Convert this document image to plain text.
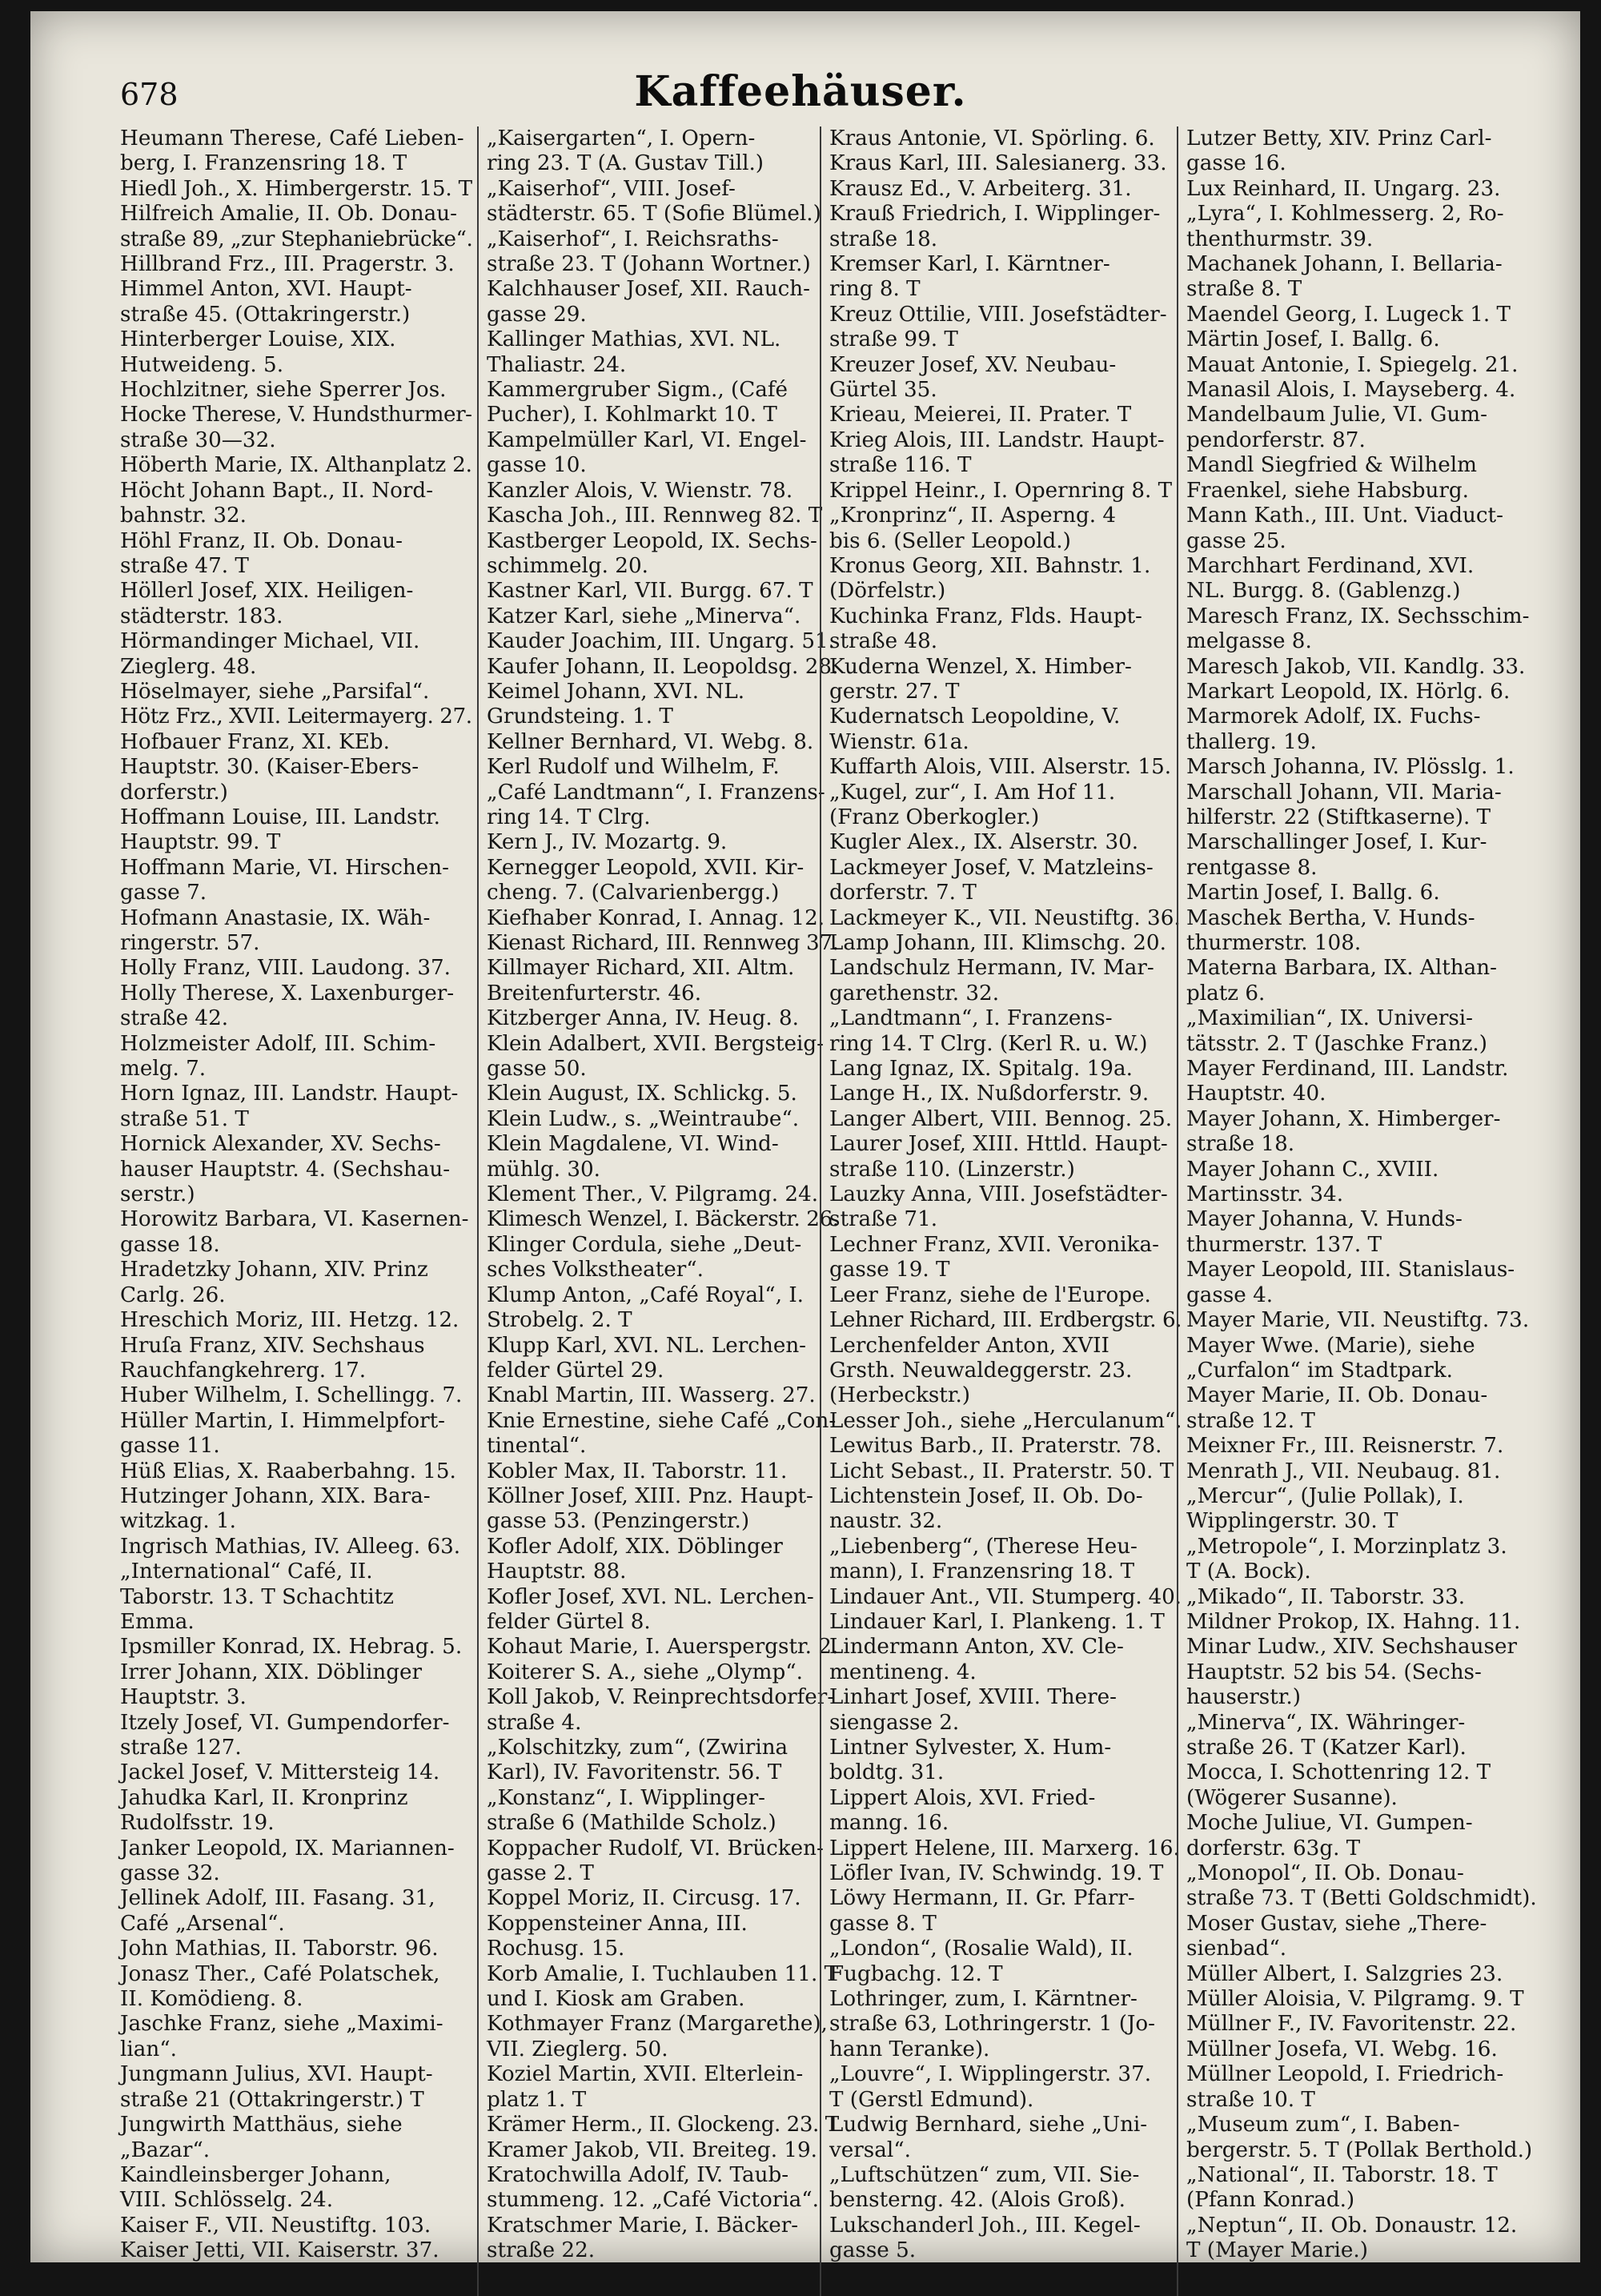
678	Kaffeehäuser.

Heumann Therese, Café Lieben-

berg, I. Franzensring 18. T

Hiedl Joh., X. Himbergerstr. 15. T

Hilfreich Amalie, II. Ob. Donau-

straße 89, „zur Stephaniebrücke“.

Hillbrand Frz., III. Pragerstr. 3.

Himmel Anton, XVI. Haupt-

straße 45. (Ottakringerstr.)

Hinterberger Louise, XIX.

Hutweideng. 5.

Hochlzitner, siehe Sperrer Jos.

Hocke Therese, V. Hundsthurmer-

straße 30—32.

Höberth Marie, IX. Althanplatz 2.

Höcht Johann Bapt., II. Nord-

bahnstr. 32.

Höhl Franz, II. Ob. Donau-

straße 47. T

Höllerl Josef, XIX. Heiligen-

städterstr. 183.

Hörmandinger Michael, VII.

Zieglerg. 48.

Höselmayer, siehe „Parsifal“.

Hötz Frz., XVII. Leitermayerg. 27.

Hofbauer Franz, XI. KEb.

Hauptstr. 30. (Kaiser-Ebers-

dorferstr.)

Hoffmann Louise, III. Landstr.

Hauptstr. 99. T

Hoffmann Marie, VI. Hirschen-

gasse 7.

Hofmann Anastasie, IX. Wäh-

ringerstr. 57.

Holly Franz, VIII. Laudong. 37.

Holly Therese, X. Laxenburger-

straße 42.

Holzmeister Adolf, III. Schim-

melg. 7.

Horn Ignaz, III. Landstr. Haupt-

straße 51. T

Hornick Alexander, XV. Sechs-

hauser Hauptstr. 4. (Sechshau-

serstr.)

Horowitz Barbara, VI. Kasernen-

gasse 18.

Hradetzky Johann, XIV. Prinz

Carlg. 26.

Hreschich Moriz, III. Hetzg. 12.

Hruſa Franz, XIV. Sechshaus

Rauchfangkehrerg. 17.

Huber Wilhelm, I. Schellingg. 7.

Hüller Martin, I. Himmelpfort-

gasse 11.

Hüß Elias, X. Raaberbahng. 15.

Hutzinger Johann, XIX. Bara-

witzkag. 1.

Ingrisch Mathias, IV. Alleeg. 63.

„International“ Café, II.

Taborstr. 13. T Schachtitz

Emma.

Ipsmiller Konrad, IX. Hebrag. 5.

Irrer Johann, XIX. Döblinger

Hauptstr. 3.

Itzely Josef, VI. Gumpendorfer-

straße 127.

Jackel Josef, V. Mittersteig 14.

Jahudka Karl, II. Kronprinz

Rudolfsstr. 19.

Janker Leopold, IX. Mariannen-

gasse 32.

Jellinek Adolf, III. Fasang. 31,

Café „Arsenal“.

John Mathias, II. Taborstr. 96.

Jonasz Ther., Café Polatschek,

II. Komödieng. 8.

Jaschke Franz, siehe „Maximi-

lian“.

Jungmann Julius, XVI. Haupt-

straße 21 (Ottakringerstr.) T

Jungwirth Matthäus, siehe

„Bazar“.

Kaindleinsberger Johann,

VIII. Schlösselg. 24.

Kaiser F., VII. Neustiftg. 103.

Kaiser Jetti, VII. Kaiserstr. 37.

„Kaisergarten“, I. Opern-

ring 23. T (A. Gustav Till.)

„Kaiserhof“, VIII. Josef-

städterstr. 65. T (Sofie Blümel.)

„Kaiserhof“, I. Reichsraths-

straße 23. T (Johann Wortner.)

Kalchhauser Josef, XII. Rauch-

gasse 29.

Kallinger Mathias, XVI. NL.

Thaliastr. 24.

Kammergruber Sigm., (Café

Pucher), I. Kohlmarkt 10. T

Kampelmüller Karl, VI. Engel-

gasse 10.

Kanzler Alois, V. Wienstr. 78.

Kascha Joh., III. Rennweg 82. T

Kastberger Leopold, IX. Sechs-

schimmelg. 20.

Kastner Karl, VII. Burgg. 67. T

Katzer Karl, siehe „Minerva“.

Kauder Joachim, III. Ungarg. 51.

Kaufer Johann, II. Leopoldsg. 28.

Keimel Johann, XVI. NL.

Grundsteing. 1. T

Kellner Bernhard, VI. Webg. 8.

Kerl Rudolf und Wilhelm, F.

„Café Landtmann“, I. Franzens-

ring 14. T Clrg.

Kern J., IV. Mozartg. 9.

Kernegger Leopold, XVII. Kir-

cheng. 7. (Calvarienbergg.)

Kiefhaber Konrad, I. Annag. 12.

Kienast Richard, III. Rennweg 37.

Killmayer Richard, XII. Altm.

Breitenfurterstr. 46.

Kitzberger Anna, IV. Heug. 8.

Klein Adalbert, XVII. Bergsteig-

gasse 50.

Klein August, IX. Schlickg. 5.

Klein Ludw., s. „Weintraube“.

Klein Magdalene, VI. Wind-

mühlg. 30.

Klement Ther., V. Pilgramg. 24.

Klimesch Wenzel, I. Bäckerstr. 26.

Klinger Cordula, siehe „Deut-

sches Volkstheater“.

Klump Anton, „Café Royal“, I.

Strobelg. 2. T

Klupp Karl, XVI. NL. Lerchen-

felder Gürtel 29.

Knabl Martin, III. Wasserg. 27.

Knie Ernestine, siehe Café „Con-

tinental“.

Kobler Max, II. Taborstr. 11.

Köllner Josef, XIII. Pnz. Haupt-

gasse 53. (Penzingerstr.)

Kofler Adolf, XIX. Döblinger

Hauptstr. 88.

Kofler Josef, XVI. NL. Lerchen-

felder Gürtel 8.

Kohaut Marie, I. Auerspergstr. 2.

Koiterer S. A., siehe „Olymp“.

Koll Jakob, V. Reinprechtsdorfer-

straße 4.

„Kolschitzky, zum“, (Zwirina

Karl), IV. Favoritenstr. 56. T

„Konstanz“, I. Wipplinger-

straße 6 (Mathilde Scholz.)

Koppacher Rudolf, VI. Brücken-

gasse 2. T

Koppel Moriz, II. Circusg. 17.

Koppensteiner Anna, III.

Rochusg. 15.

Korb Amalie, I. Tuchlauben 11. T

und I. Kiosk am Graben.

Kothmayer Franz (Margarethe),

VII. Zieglerg. 50.

Koziel Martin, XVII. Elterlein-

platz 1. T

Krämer Herm., II. Glockeng. 23. T

Kramer Jakob, VII. Breiteg. 19.

Kratochwilla Adolf, IV. Taub-

stummeng. 12. „Café Victoria“.

Kratschmer Marie, I. Bäcker-

straße 22.

Kraus Antonie, VI. Spörling. 6.

Kraus Karl, III. Salesianerg. 33.

Krausz Ed., V. Arbeiterg. 31.

Krauß Friedrich, I. Wipplinger-

straße 18.

Kremser Karl, I. Kärntner-

ring 8. T

Kreuz Ottilie, VIII. Josefstädter-

straße 99. T

Kreuzer Josef, XV. Neubau-

Gürtel 35.

Krieau, Meierei, II. Prater. T

Krieg Alois, III. Landstr. Haupt-

straße 116. T

Krippel Heinr., I. Opernring 8. T

„Kronprinz“, II. Asperng. 4

bis 6. (Seller Leopold.)

Kronus Georg, XII. Bahnstr. 1.

(Dörfelstr.)

Kuchinka Franz, Flds. Haupt-

straße 48.

Kuderna Wenzel, X. Himber-

gerstr. 27. T

Kudernatsch Leopoldine, V.

Wienstr. 61a.

Kuffarth Alois, VIII. Alserstr. 15.

„Kugel, zur“, I. Am Hof 11.

(Franz Oberkogler.)

Kugler Alex., IX. Alserstr. 30.

Lackmeyer Josef, V. Matzleins-

dorferstr. 7. T

Lackmeyer K., VII. Neustiftg. 36.

Lamp Johann, III. Klimschg. 20.

Landschulz Hermann, IV. Mar-

garethenstr. 32.

„Landtmann“, I. Franzens-

ring 14. T Clrg. (Kerl R. u. W.)

Lang Ignaz, IX. Spitalg. 19a.

Lange H., IX. Nußdorferstr. 9.

Langer Albert, VIII. Bennog. 25.

Laurer Josef, XIII. Httld. Haupt-

straße 110. (Linzerstr.)

Lauzky Anna, VIII. Josefstädter-

straße 71.

Lechner Franz, XVII. Veronika-

gasse 19. T

Leer Franz, siehe de l'Europe.

Lehner Richard, III. Erdbergstr. 6.

Lerchenfelder Anton, XVII

Grsth. Neuwaldeggerstr. 23.

(Herbeckstr.)

Lesser Joh., siehe „Herculanum“.

Lewitus Barb., II. Praterstr. 78.

Licht Sebast., II. Praterstr. 50. T

Lichtenstein Josef, II. Ob. Do-

naustr. 32.

„Liebenberg“, (Therese Heu-

mann), I. Franzensring 18. T

Lindauer Ant., VII. Stumperg. 40.

Lindauer Karl, I. Plankeng. 1. T

Lindermann Anton, XV. Cle-

mentineng. 4.

Linhart Josef, XVIII. There-

siengasse 2.

Lintner Sylvester, X. Hum-

boldtg. 31.

Lippert Alois, XVI. Fried-

manng. 16.

Lippert Helene, III. Marxerg. 16.

Löfler Ivan, IV. Schwindg. 19. T

Löwy Hermann, II. Gr. Pfarr-

gasse 8. T

„London“, (Rosalie Wald), II.

Fugbachg. 12. T

Lothringer, zum, I. Kärntner-

straße 63, Lothringerstr. 1 (Jo-

hann Teranke).

„Louvre“, I. Wipplingerstr. 37.

T (Gerstl Edmund).

Ludwig Bernhard, siehe „Uni-

versal“.

„Luftschützen“ zum, VII. Sie-

bensterng. 42. (Alois Groß).

Lukschanderl Joh., III. Kegel-

gasse 5.

Lutzer Betty, XIV. Prinz Carl-

gasse 16.

Lux Reinhard, II. Ungarg. 23.

„Lyra“, I. Kohlmesserg. 2, Ro-

thenthurmstr. 39.

Machanek Johann, I. Bellaria-

straße 8. T

Maendel Georg, I. Lugeck 1. T

Märtin Josef, I. Ballg. 6.

Mauat Antonie, I. Spiegelg. 21.

Manasil Alois, I. Mayseberg. 4.

Mandelbaum Julie, VI. Gum-

pendorferstr. 87.

Mandl Siegfried & Wilhelm

Fraenkel, siehe Habsburg.

Mann Kath., III. Unt. Viaduct-

gasse 25.

Marchhart Ferdinand, XVI.

NL. Burgg. 8. (Gablenzg.)

Maresch Franz, IX. Sechsschim-

melgasse 8.

Maresch Jakob, VII. Kandlg. 33.

Markart Leopold, IX. Hörlg. 6.

Marmorek Adolf, IX. Fuchs-

thallerg. 19.

Marsch Johanna, IV. Plösslg. 1.

Marschall Johann, VII. Maria-

hilferstr. 22 (Stiftkaserne). T

Marschallinger Josef, I. Kur-

rentgasse 8.

Martin Josef, I. Ballg. 6.

Maschek Bertha, V. Hunds-

thurmerstr. 108.

Materna Barbara, IX. Althan-

platz 6.

„Maximilian“, IX. Universi-

tätsstr. 2. T (Jaschke Franz.)

Mayer Ferdinand, III. Landstr.

Hauptstr. 40.

Mayer Johann, X. Himberger-

straße 18.

Mayer Johann C., XVIII.

Martinsstr. 34.

Mayer Johanna, V. Hunds-

thurmerstr. 137. T

Mayer Leopold, III. Stanislaus-

gasse 4.

Mayer Marie, VII. Neustiftg. 73.

Mayer Wwe. (Marie), siehe

„Curfalon“ im Stadtpark.

Mayer Marie, II. Ob. Donau-

straße 12. T

Meixner Fr., III. Reisnerstr. 7.

Menrath J., VII. Neubaug. 81.

„Mercur“, (Julie Pollak), I.

Wipplingerstr. 30. T

„Metropole“, I. Morzinplatz 3.

T (A. Bock).

„Mikado“, II. Taborstr. 33.

Mildner Prokop, IX. Hahng. 11.

Minar Ludw., XIV. Sechshauser

Hauptstr. 52 bis 54. (Sechs-

hauserstr.)

„Minerva“, IX. Währinger-

straße 26. T (Katzer Karl).

Mocca, I. Schottenring 12. T

(Wögerer Susanne).

Moche Juliue, VI. Gumpen-

dorferstr. 63g. T

„Monopol“, II. Ob. Donau-

straße 73. T (Betti Goldschmidt).

Moser Gustav, siehe „There-

sienbad“.

Müller Albert, I. Salzgries 23.

Müller Aloisia, V. Pilgramg. 9. T

Müllner F., IV. Favoritenstr. 22.

Müllner Josefa, VI. Webg. 16.

Müllner Leopold, I. Friedrich-

straße 10. T

„Museum zum“, I. Baben-

bergerstr. 5. T (Pollak Berthold.)

„National“, II. Taborstr. 18. T

(Pfann Konrad.)

„Neptun“, II. Ob. Donaustr. 12.

T (Mayer Marie.)
